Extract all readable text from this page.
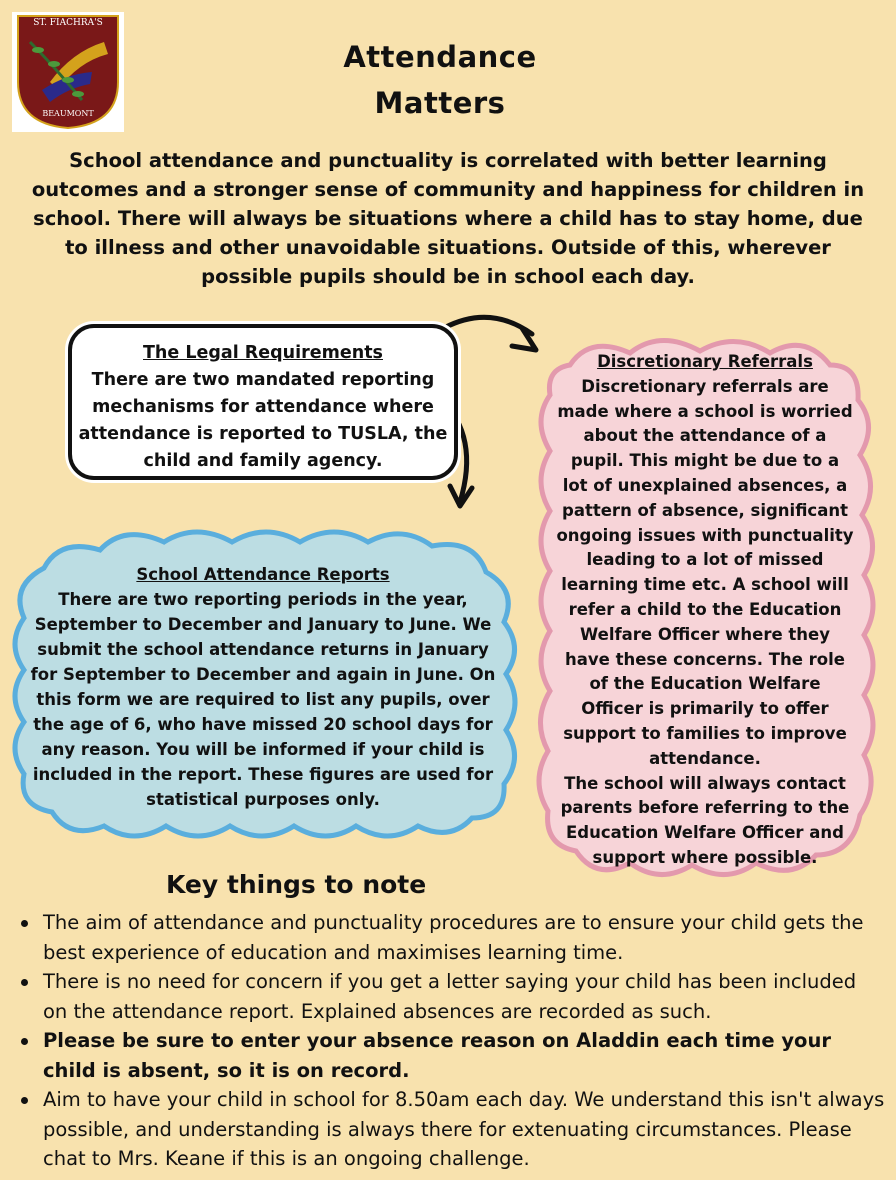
ST. FIACHRA'S
BEAUMONT
Attendance
Matters
School attendance and punctuality is correlated with better learning outcomes and a stronger sense of community and happiness for children in school. There will always be situations where a child has to stay home, due to illness and other unavoidable situations. Outside of this, wherever possible pupils should be in school each day.
The Legal Requirements
There are two mandated reporting mechanisms for attendance where attendance is reported to TUSLA, the child and family agency.
School Attendance Reports
There are two reporting periods in the year, September to December and January to June. We submit the school attendance returns in January for September to December and again in June. On this form we are required to list any pupils, over the age of 6, who have missed 20 school days for any reason. You will be informed if your child is included in the report. These figures are used for statistical purposes only.
Discretionary Referrals
Discretionary referrals are made where a school is worried about the attendance of a pupil. This might be due to a lot of unexplained absences, a pattern of absence, significant ongoing issues with punctuality leading to a lot of missed learning time etc. A school will refer a child to the Education Welfare Officer where they have these concerns. The role of the Education Welfare Officer is primarily to offer support to families to improve attendance.
The school will always contact parents before referring to the Education Welfare Officer and support where possible.
Key things to note
The aim of attendance and punctuality procedures are to ensure your child gets the best experience of education and maximises learning time.
There is no need for concern if you get a letter saying your child has been included on the attendance report. Explained absences are recorded as such.
Please be sure to enter your absence reason on Aladdin each time your child is absent, so it is on record.
Aim to have your child in school for 8.50am each day. We understand this isn't always possible, and understanding is always there for extenuating circumstances. Please chat to Mrs. Keane if this is an ongoing challenge.
